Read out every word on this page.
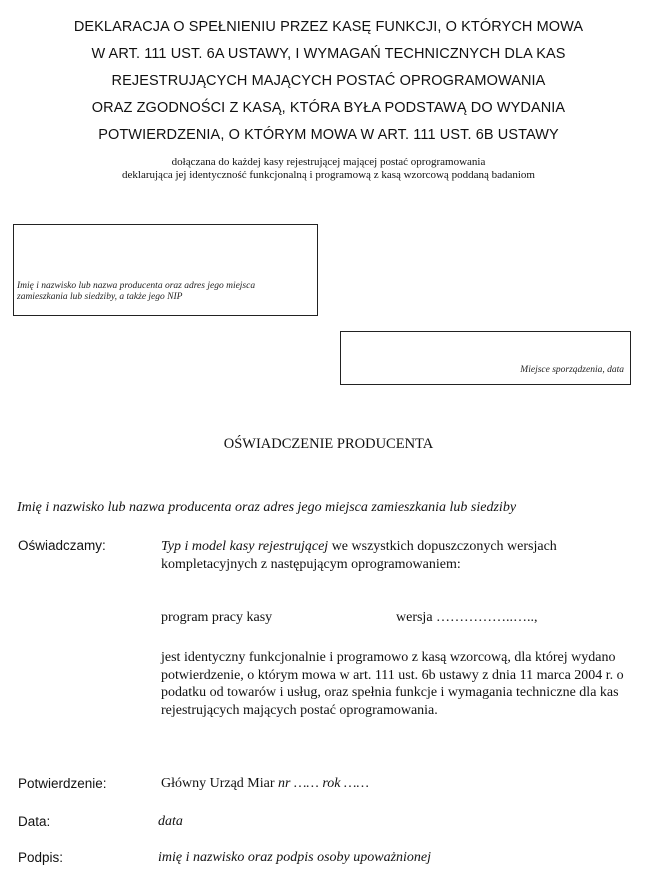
DEKLARACJA O SPEŁNIENIU PRZEZ KASĘ FUNKCJI, O KTÓRYCH MOWA
W ART. 111 UST. 6A USTAWY, I WYMAGAŃ TECHNICZNYCH DLA KAS
REJESTRUJĄCYCH MAJĄCYCH POSTAĆ OPROGRAMOWANIA
ORAZ ZGODNOŚCI Z KASĄ, KTÓRA BYŁA PODSTAWĄ DO WYDANIA
POTWIERDZENIA, O KTÓRYM MOWA W ART. 111 UST. 6B USTAWY
dołączana do każdej kasy rejestrującej mającej postać oprogramowania
deklarująca jej identyczność funkcjonalną i programową z kasą wzorcową poddaną badaniom
Imię i nazwisko lub nazwa producenta oraz adres jego miejsca zamieszkania lub siedziby, a także jego NIP
Miejsce sporządzenia, data
OŚWIADCZENIE PRODUCENTA
Imię i nazwisko lub nazwa producenta oraz adres jego miejsca zamieszkania lub siedziby
Oświadczamy:	Typ i model kasy rejestrującej we wszystkich dopuszczonych wersjach kompletacyjnych z następującym oprogramowaniem:
program pracy kasy	wersja ……………..…..,
jest identyczny funkcjonalnie i programowo z kasą wzorcową, dla której wydano potwierdzenie, o którym mowa w art. 111 ust. 6b ustawy z dnia 11 marca 2004 r. o podatku od towarów i usług, oraz spełnia funkcje i wymagania techniczne dla kas rejestrujących mających postać oprogramowania.
Potwierdzenie:	Główny Urząd Miar nr …… rok ……
Data:	data
Podpis:	imię i nazwisko oraz podpis osoby upoważnionej
